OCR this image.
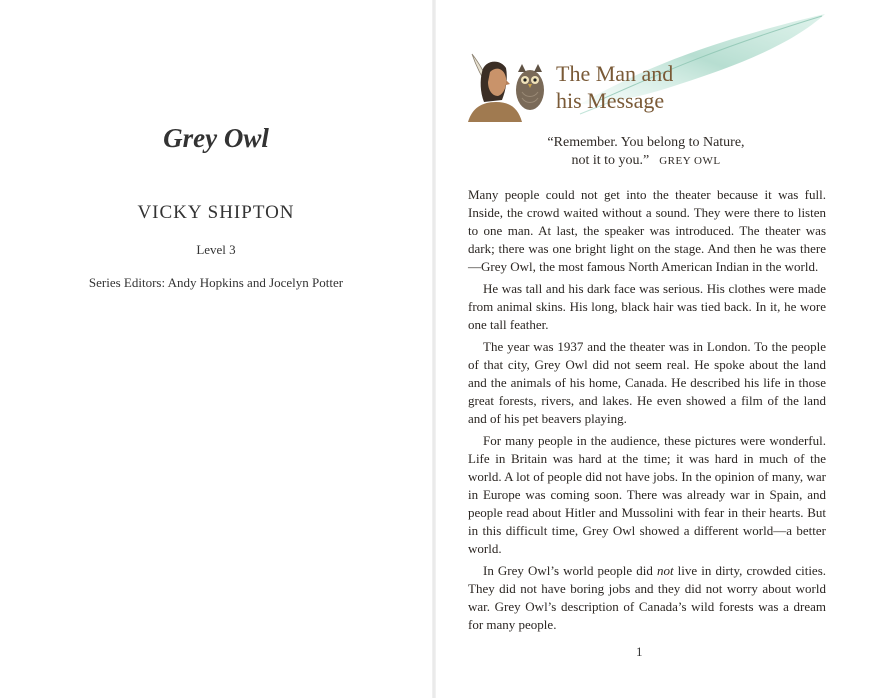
Grey Owl
VICKY SHIPTON
Level 3
Series Editors: Andy Hopkins and Jocelyn Potter
The Man and
his Message
“Remember. You belong to Nature,
not it to you.” GREY OWL

Many people could not get into the theater because it was full. Inside, the crowd waited without a sound. They were there to listen to one man. At last, the speaker was introduced. The theater was dark; there was one bright light on the stage. And then he was there—Grey Owl, the most famous North American Indian in the world.

He was tall and his dark face was serious. His clothes were made from animal skins. His long, black hair was tied back. In it, he wore one tall feather.

The year was 1937 and the theater was in London. To the people of that city, Grey Owl did not seem real. He spoke about the land and the animals of his home, Canada. He described his life in those great forests, rivers, and lakes. He even showed a film of the land and of his pet beavers playing.

For many people in the audience, these pictures were wonderful. Life in Britain was hard at the time; it was hard in much of the world. A lot of people did not have jobs. In the opinion of many, war in Europe was coming soon. There was already war in Spain, and people read about Hitler and Mussolini with fear in their hearts. But in this difficult time, Grey Owl showed a different world—a better world.

In Grey Owl’s world people did not live in dirty, crowded cities. They did not have boring jobs and they did not worry about world war. Grey Owl’s description of Canada’s wild forests was a dream for many people.

1
